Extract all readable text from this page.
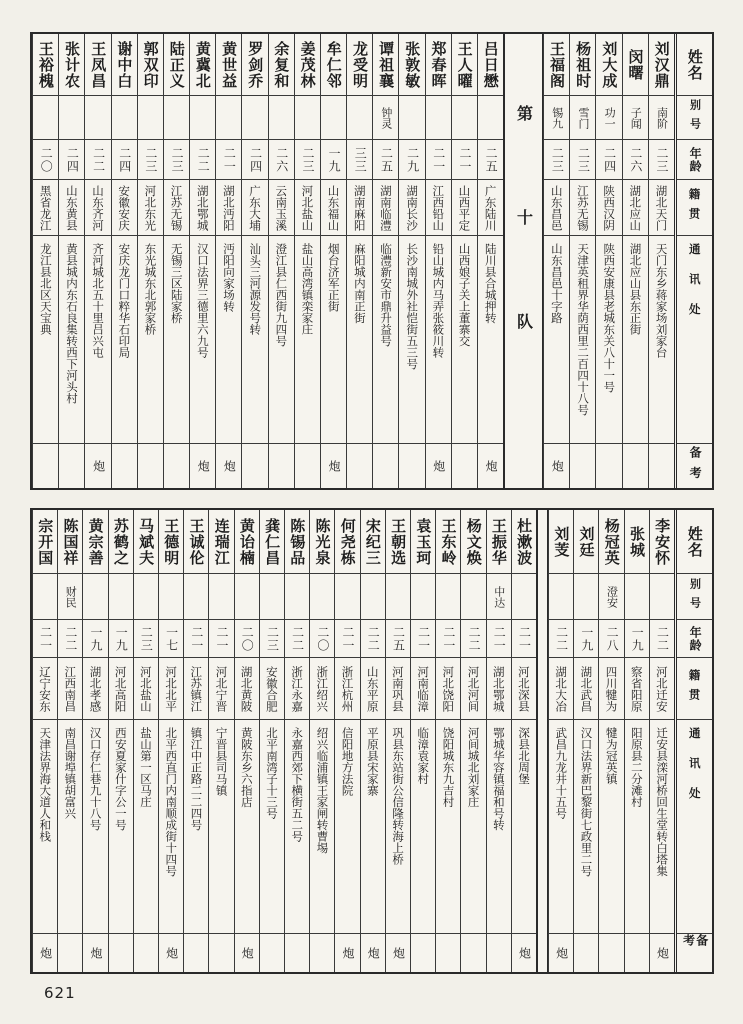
姓名
别号
年龄
籍贯
通讯处
备考
刘汉鼎
南阶
二三
湖北天门
天门东乡蒋家场刘家台
闵曙
子闻
二六
湖北应山
湖北应山县东正街
刘大成
功一
二四
陕西汉阴
陕西安康县老城东关八十一号
杨祖时
雪门
二三
江苏无锡
天津英租界华荫西里二百四十八号
王福阁
锡九
二三
山东昌邑
山东昌邑十字路
炮
第十队
吕日懋
二五
广东陆川
陆川县合城押转
炮
王人曜
二一
山西平定
山西娘子关上董寨交
郑春晖
二一
江西铅山
铅山城内马弄张筱川转
炮
张敦敏
二九
湖南长沙
长沙南城外社恺街五三号
谭祖襄
钟灵
二五
湖南临澧
临澧新安市鼎升益号
龙受明
三三
湖南麻阳
麻阳城内南正街
牟仁邻
一九
山东福山
烟台济军正街
炮
姜茂林
二三
河北盐山
盐山高湾镇栾家庄
余复和
二六
云南玉溪
澄江县仁西街九四号
罗剑乔
二四
广东大埔
汕头三河源发号转
黄世益
二一
湖北沔阳
沔阳向家场转
炮
黄冀北
二二
湖北鄂城
汉口法界三德里六九号
炮
陆正义
二三
江苏无锡
无锡三区陆家桥
郭双印
二三
河北东光
东光城东北郭家桥
谢中白
二四
安徽安庆
安庆龙门口粹华石印局
王凤昌
二二
山东齐河
齐河城北五十里吕兴屯
炮
张计农
二四
山东黄县
黄县城内东石良集转西下河头村
王裕槐
二〇
黑省龙江
龙江县北区天宝典
姓名
别号
年龄
籍贯
通讯处
备考
李安怀
二二
河北迁安
迁安县滦河桥回生堂转白塔集
炮
张城
一九
察省阳原
阳原县二分滩村
杨冠英
澄安
二八
四川犍为
犍为冠英镇
刘廷
一九
湖北武昌
汉口法界新巴黎街七政里二号
刘芰
二二
湖北大冶
武昌九龙井十五号
炮
杜漱波
二一
河北深县
深县北周堡
炮
王振华
中达
二一
湖北鄂城
鄂城华容镇福和号转
杨文焕
二二
河北河间
河间城北刘家庄
王东岭
二一
河北饶阳
饶阳城东九吉村
袁玉珂
二一
河南临漳
临漳袁家村
王朝选
二五
河南巩县
巩县东站街公信隆转海上桥
炮
宋纪三
二二
山东平原
平原县宋家寨
炮
何尧栋
二一
浙江杭州
信阳地方法院
炮
陈光泉
二〇
浙江绍兴
绍兴临浦镇王家闸转曹埸
陈锡品
二二
浙江永嘉
永嘉西郊下横街五二号
龚仁昌
二三
安徽合肥
北平南湾子十三号
黄诒楠
二〇
湖北黄陂
黄陂东乡六指店
炮
连瑞江
二一
河北宁晋
宁晋县司马镇
王诚伦
二一
江苏镇江
镇江中正路二二四号
王德明
一七
河北北平
北平西直门内南顺成街十四号
炮
马斌夫
二三
河北盐山
盐山第一区马庄
苏鹤之
一九
河北高阳
西安夏家什字公一号
黄宗善
一九
湖北孝感
汉口存仁巷九十八号
炮
陈国祥
财民
二二
江西南昌
南昌谢埠镇胡富兴
宗开国
二一
辽宁安东
天津法界海大道人和栈
炮
621
